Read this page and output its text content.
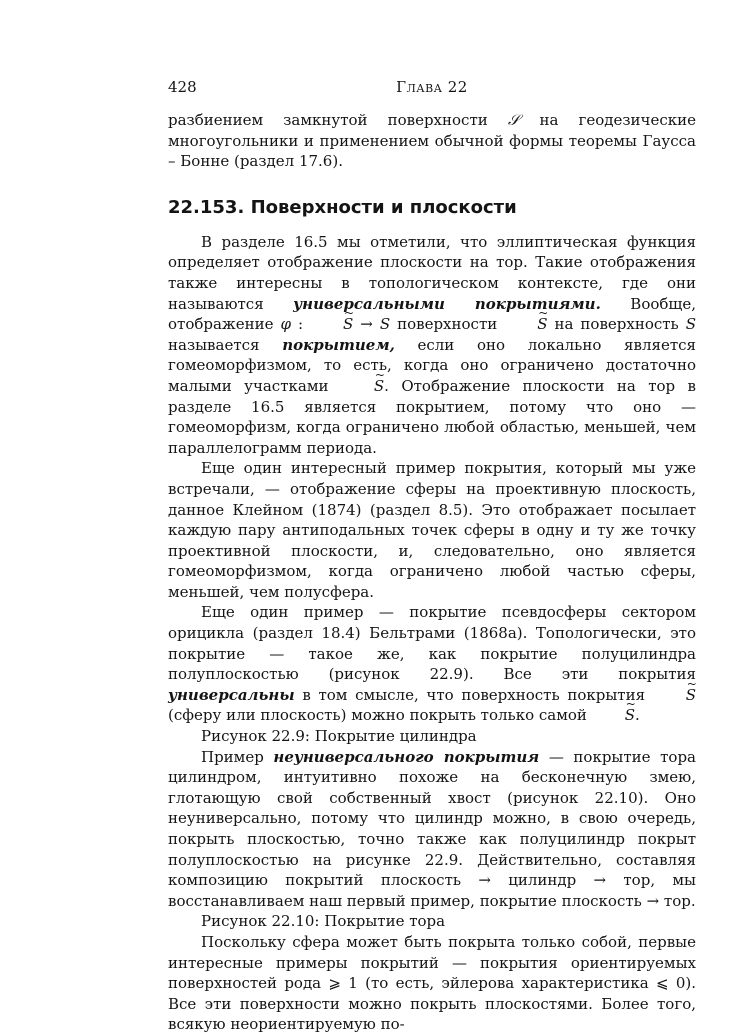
428	Глава 22

разбиением замкнутой поверхности 𝒮 на геодезические многоугольники и применением обычной формы теоремы Гаусса – Бонне (раздел 17.6).

22.153. Поверхности и плоскости

В разделе 16.5 мы отметили, что эллиптическая функция определяет отображение плоскости на тор. Такие отображения также интересны в топологическом контексте, где они называются универсальными покрытиями. Вообще, отображение φ : ~ S → S поверхности ~ S на поверхность S называется покрытием, если оно локально является гомеоморфизмом, то есть, когда оно ограничено достаточно малыми участками ~ S. Отображение плоскости на тор в разделе 16.5 является покрытием, потому что оно — гомеоморфизм, когда ограничено любой областью, меньшей, чем параллелограмм периода.

Еще один интересный пример покрытия, который мы уже встречали, — отображение сферы на проективную плоскость, данное Клейном (1874) (раздел 8.5). Это отображает посылает каждую пару антиподальных точек сферы в одну и ту же точку проективной плоскости, и, следовательно, оно является гомеоморфизмом, когда ограничено любой частью сферы, меньшей, чем полусфера.

Еще один пример — покрытие псевдосферы сектором орицикла (раздел 18.4) Бельтрами (1868a). Топологически, это покрытие — такое же, как покрытие полуцилиндра полуплоскостью (рисунок 22.9). Все эти покрытия универсальны в том смысле, что поверхность покрытия ~ S (сферу или плоскость) можно покрыть только самой ~ S.

Рисунок 22.9: Покрытие цилиндра

Пример неуниверсального покрытия — покрытие тора цилиндром, интуитивно похоже на бесконечную змею, глотающую свой собственный хвост (рисунок 22.10). Оно неуниверсально, потому что цилиндр можно, в свою очередь, покрыть плоскостью, точно также как полуцилиндр покрыт полуплоскостью на рисунке 22.9. Действительно, составляя композицию покрытий плоскость → цилиндр → тор, мы восстанавливаем наш первый пример, покрытие плоскость → тор.

Рисунок 22.10: Покрытие тора

Поскольку сфера может быть покрыта только собой, первые интересные примеры покрытий — покрытия ориентируемых поверхностей рода ⩾ 1 (то есть, эйлерова характеристика ⩽ 0). Все эти поверхности можно покрыть плоскостями. Более того, всякую неориентируемую по-
